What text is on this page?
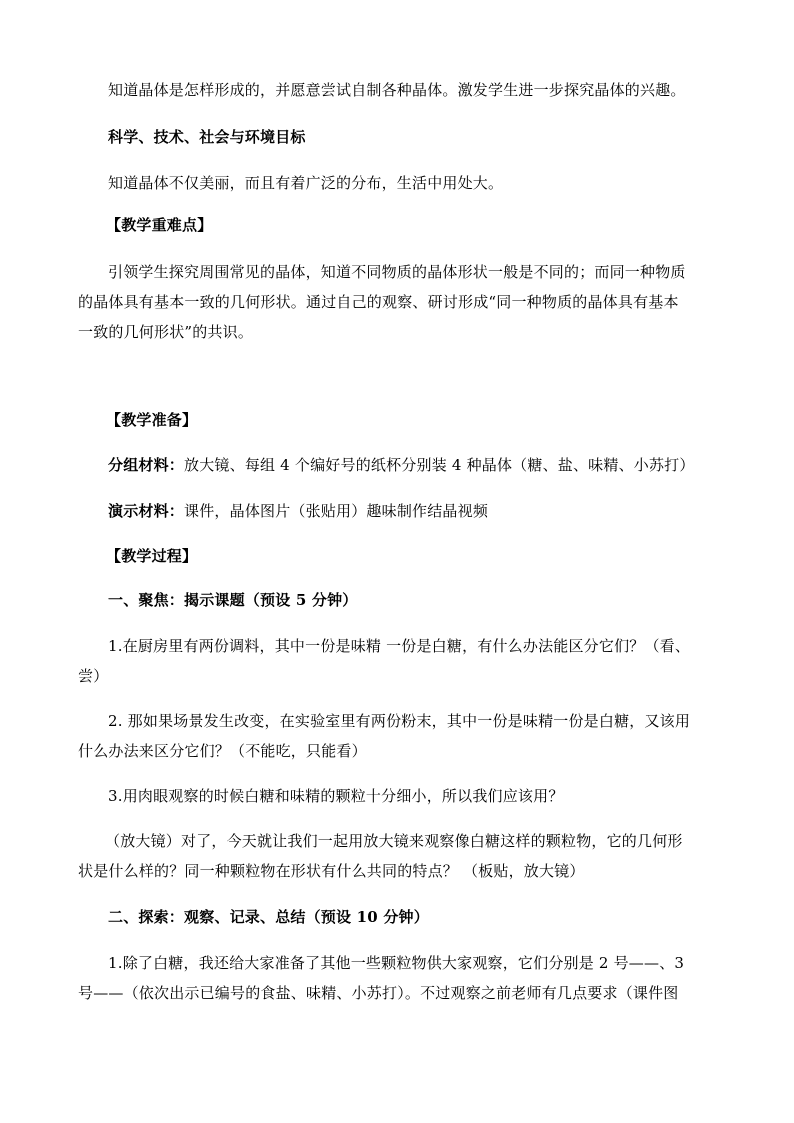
知道晶体是怎样形成的，并愿意尝试自制各种晶体。激发学生进一步探究晶体的兴趣。
科学、技术、社会与环境目标
知道晶体不仅美丽，而且有着广泛的分布，生活中用处大。
【教学重难点】
引领学生探究周围常见的晶体，知道不同物质的晶体形状一般是不同的；而同一种物质
的晶体具有基本一致的几何形状。通过自己的观察、研讨形成“同一种物质的晶体具有基本
一致的几何形状”的共识。
【教学准备】
分组材料：放大镜、每组 4 个编好号的纸杯分别装 4 种晶体（糖、盐、味精、小苏打）
演示材料：课件，晶体图片（张贴用）趣味制作结晶视频
【教学过程】
一、聚焦：揭示课题（预设 5 分钟）
1.在厨房里有两份调料，其中一份是味精 一份是白糖，有什么办法能区分它们？（看、
尝）
2. 那如果场景发生改变，在实验室里有两份粉末，其中一份是味精一份是白糖，又该用
什么办法来区分它们？（不能吃，只能看）
3.用肉眼观察的时候白糖和味精的颗粒十分细小，所以我们应该用？
（放大镜）对了，今天就让我们一起用放大镜来观察像白糖这样的颗粒物，它的几何形
状是什么样的？同一种颗粒物在形状有什么共同的特点？ （板贴，放大镜）
二、探索：观察、记录、总结（预设 10 分钟）
1.除了白糖，我还给大家准备了其他一些颗粒物供大家观察，它们分别是 2 号——、3
号——（依次出示已编号的食盐、味精、小苏打）。不过观察之前老师有几点要求（课件图
